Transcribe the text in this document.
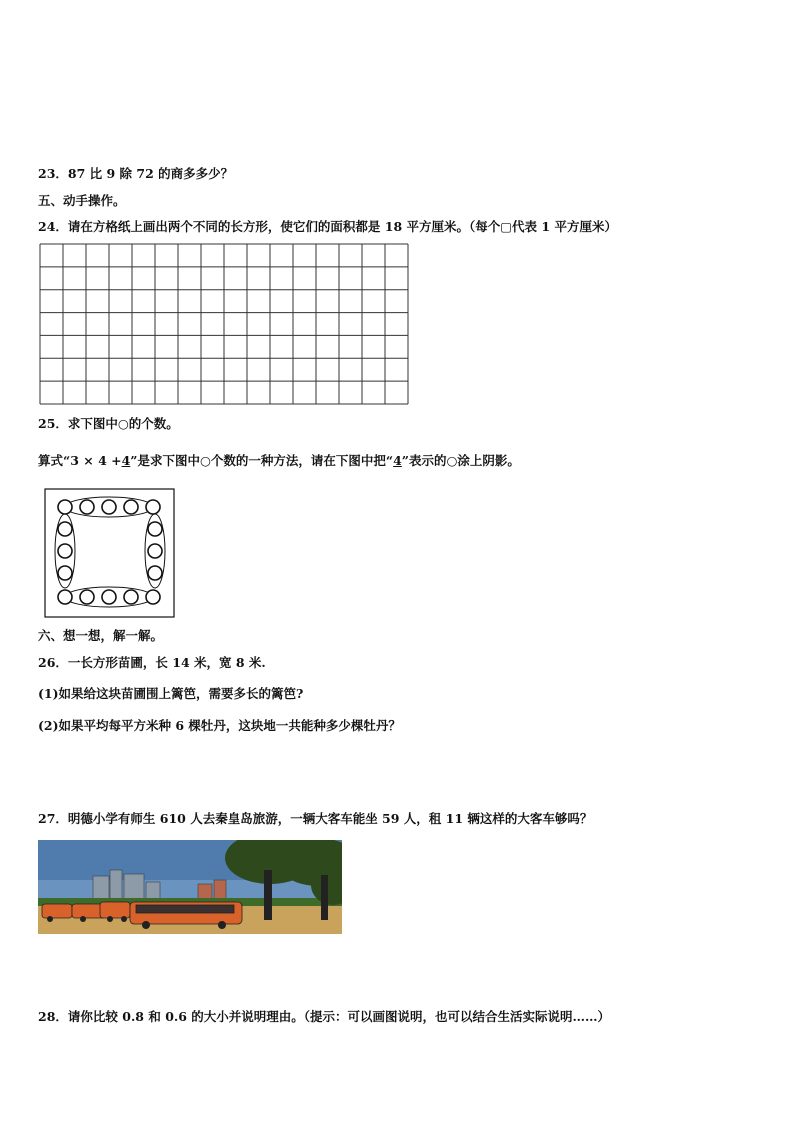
23．87 比 9 除 72 的商多多少？
五、动手操作。
24．请在方格纸上画出两个不同的长方形，使它们的面积都是 18 平方厘米。（每个▢代表 1 平方厘米）
25．求下图中○的个数。
算式“3 × 4 +4”是求下图中○个数的一种方法，请在下图中把“4”表示的○涂上阴影。
六、想一想，解一解。
26．一长方形苗圃，长 14 米，宽 8 米.
(1)如果给这块苗圃围上篱笆，需要多长的篱笆?
(2)如果平均每平方米种 6 棵牡丹，这块地一共能种多少棵牡丹？
27．明德小学有师生 610 人去秦皇岛旅游，一辆大客车能坐 59 人，租 11 辆这样的大客车够吗？
28．请你比较 0.8 和 0.6 的大小并说明理由。（提示：可以画图说明，也可以结合生活实际说明……）
